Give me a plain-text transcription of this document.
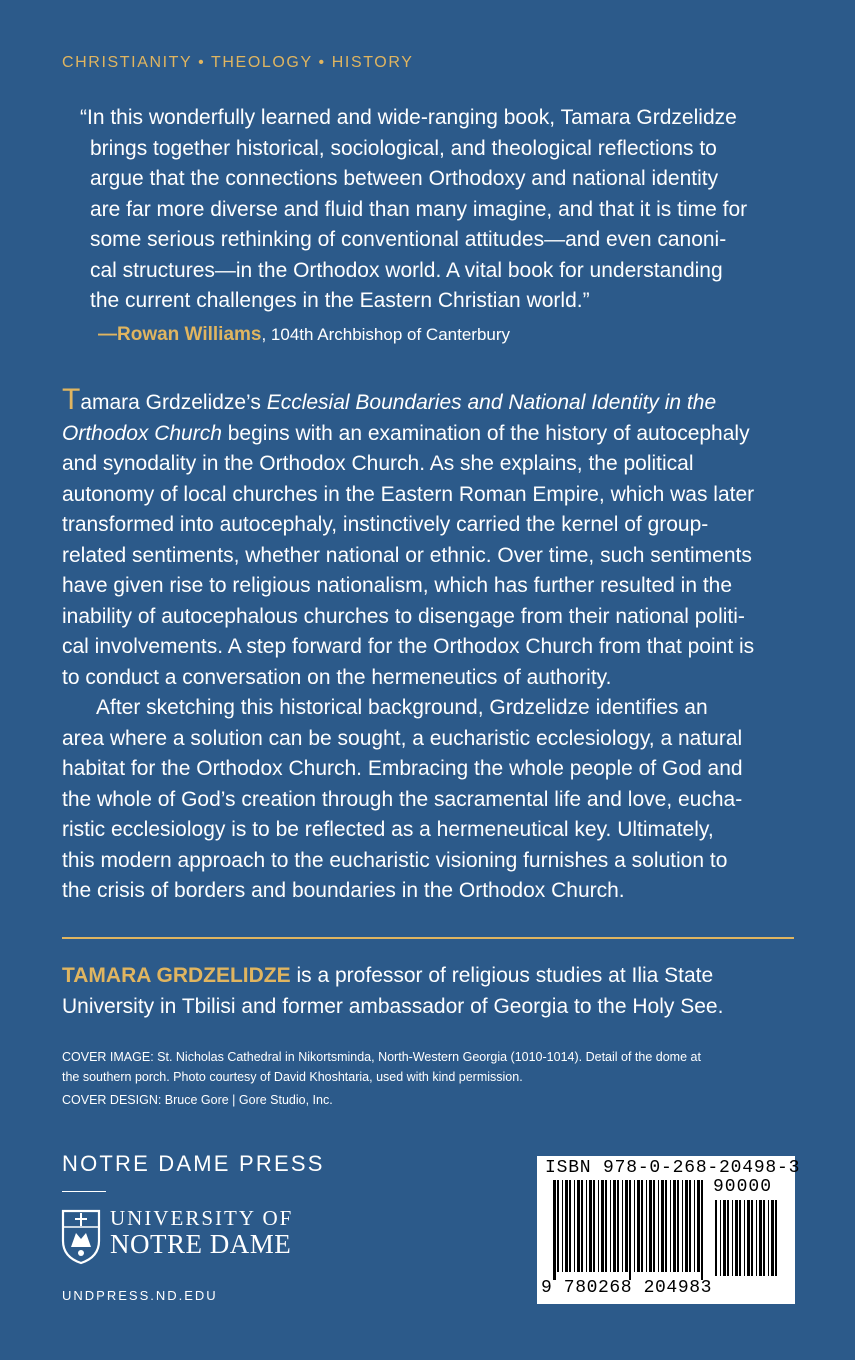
CHRISTIANITY • THEOLOGY • HISTORY
“In this wonderfully learned and wide-ranging book, Tamara Grdzelidze
brings together historical, sociological, and theological reflections to
argue that the connections between Orthodoxy and national identity
are far more diverse and fluid than many imagine, and that it is time for
some serious rethinking of conventional attitudes—and even canoni-
cal structures—in the Orthodox world. A vital book for understanding
the current challenges in the Eastern Christian world.”
—Rowan Williams, 104th Archbishop of Canterbury
Tamara Grdzelidze’s Ecclesial Boundaries and National Identity in the
Orthodox Church begins with an examination of the history of autocephaly
and synodality in the Orthodox Church. As she explains, the political
autonomy of local churches in the Eastern Roman Empire, which was later
transformed into autocephaly, instinctively carried the kernel of group-
related sentiments, whether national or ethnic. Over time, such sentiments
have given rise to religious nationalism, which has further resulted in the
inability of autocephalous churches to disengage from their national politi-
cal involvements. A step forward for the Orthodox Church from that point is
to conduct a conversation on the hermeneutics of authority.
After sketching this historical background, Grdzelidze identifies an
area where a solution can be sought, a eucharistic ecclesiology, a natural
habitat for the Orthodox Church. Embracing the whole people of God and
the whole of God’s creation through the sacramental life and love, eucha-
ristic ecclesiology is to be reflected as a hermeneutical key. Ultimately,
this modern approach to the eucharistic visioning furnishes a solution to
the crisis of borders and boundaries in the Orthodox Church.
TAMARA GRDZELIDZE is a professor of religious studies at Ilia State
University in Tbilisi and former ambassador of Georgia to the Holy See.
COVER IMAGE: St. Nicholas Cathedral in Nikortsminda, North-Western Georgia (1010-1014). Detail of the dome at
the southern porch. Photo courtesy of David Khoshtaria, used with kind permission.
COVER DESIGN: Bruce Gore | Gore Studio, Inc.
NOTRE DAME PRESS
UNIVERSITY OF
NOTRE DAME
UNDPRESS.ND.EDU
ISBN 978-0-268-20498-3
90000
9 780268 204983
